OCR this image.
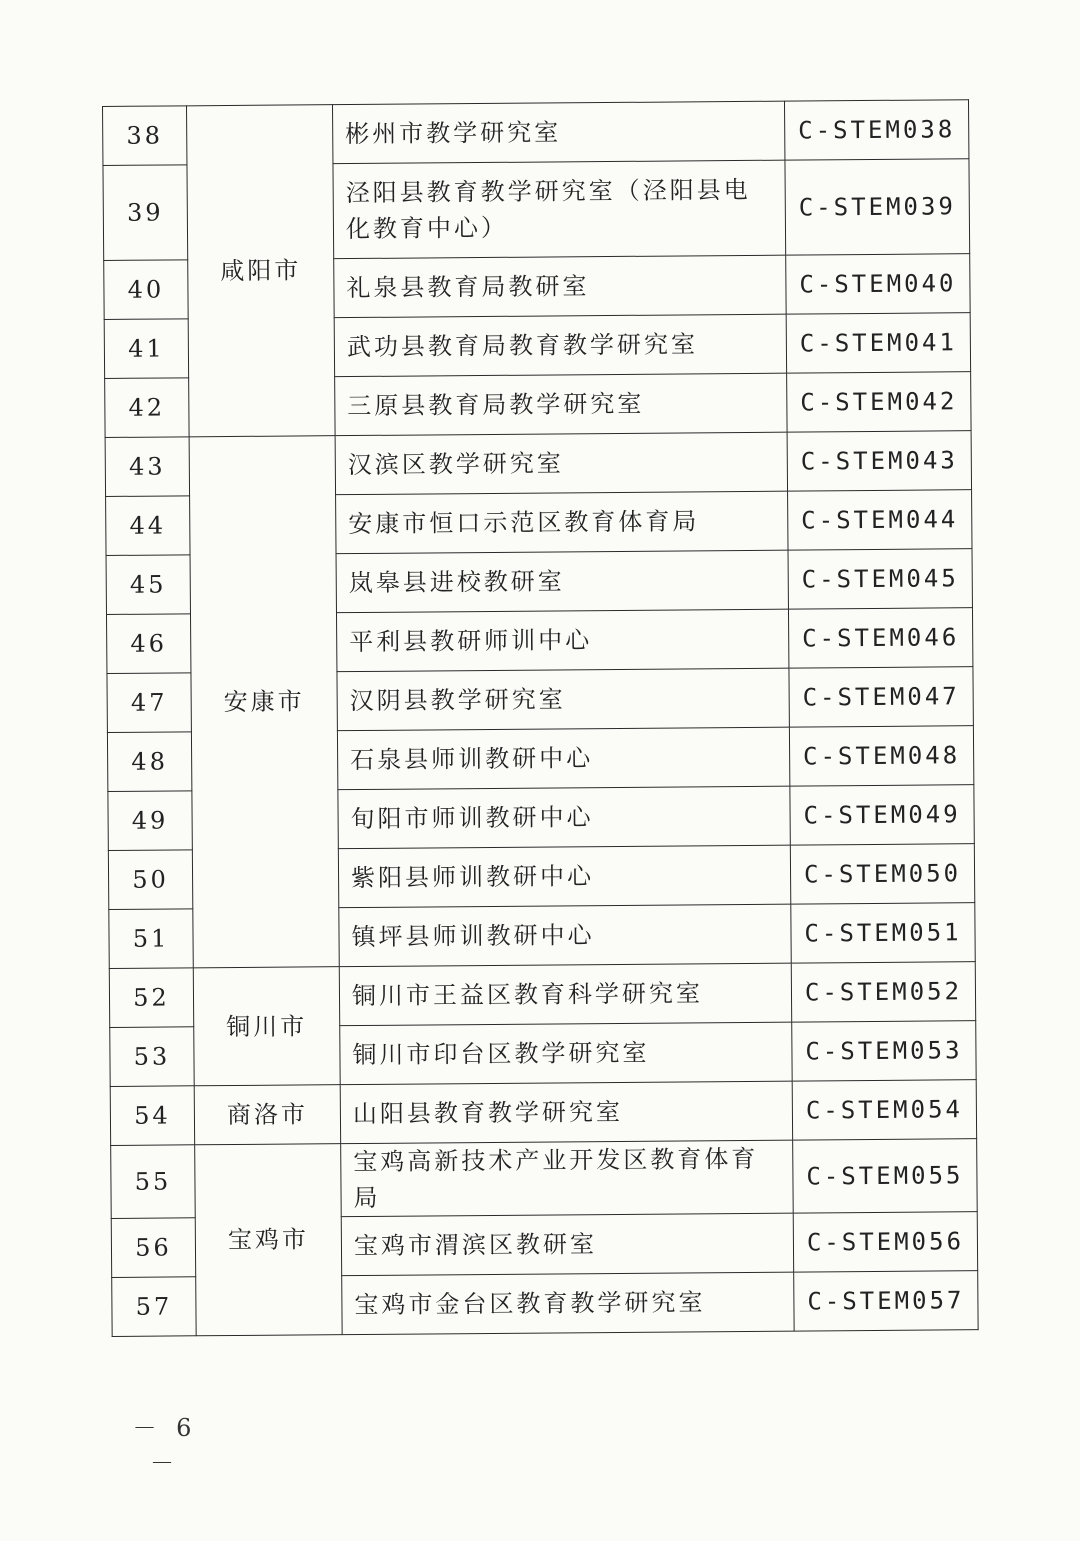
38	咸阳市	彬州市教学研究室	C-STEM038
39		泾阳县教育教学研究室（泾阳县电化教育中心）	C-STEM039
40		礼泉县教育局教研室	C-STEM040
41		武功县教育局教育教学研究室	C-STEM041
42		三原县教育局教学研究室	C-STEM042
43	安康市	汉滨区教学研究室	C-STEM043
44		安康市恒口示范区教育体育局	C-STEM044
45		岚皋县进校教研室	C-STEM045
46		平利县教研师训中心	C-STEM046
47		汉阴县教学研究室	C-STEM047
48		石泉县师训教研中心	C-STEM048
49		旬阳市师训教研中心	C-STEM049
50		紫阳县师训教研中心	C-STEM050
51		镇坪县师训教研中心	C-STEM051
52	铜川市	铜川市王益区教育科学研究室	C-STEM052
53		铜川市印台区教学研究室	C-STEM053
54	商洛市	山阳县教育教学研究室	C-STEM054
55	宝鸡市	宝鸡高新技术产业开发区教育体育局	C-STEM055
56		宝鸡市渭滨区教研室	C-STEM056
57		宝鸡市金台区教育教学研究室	C-STEM057
－ 6 －
